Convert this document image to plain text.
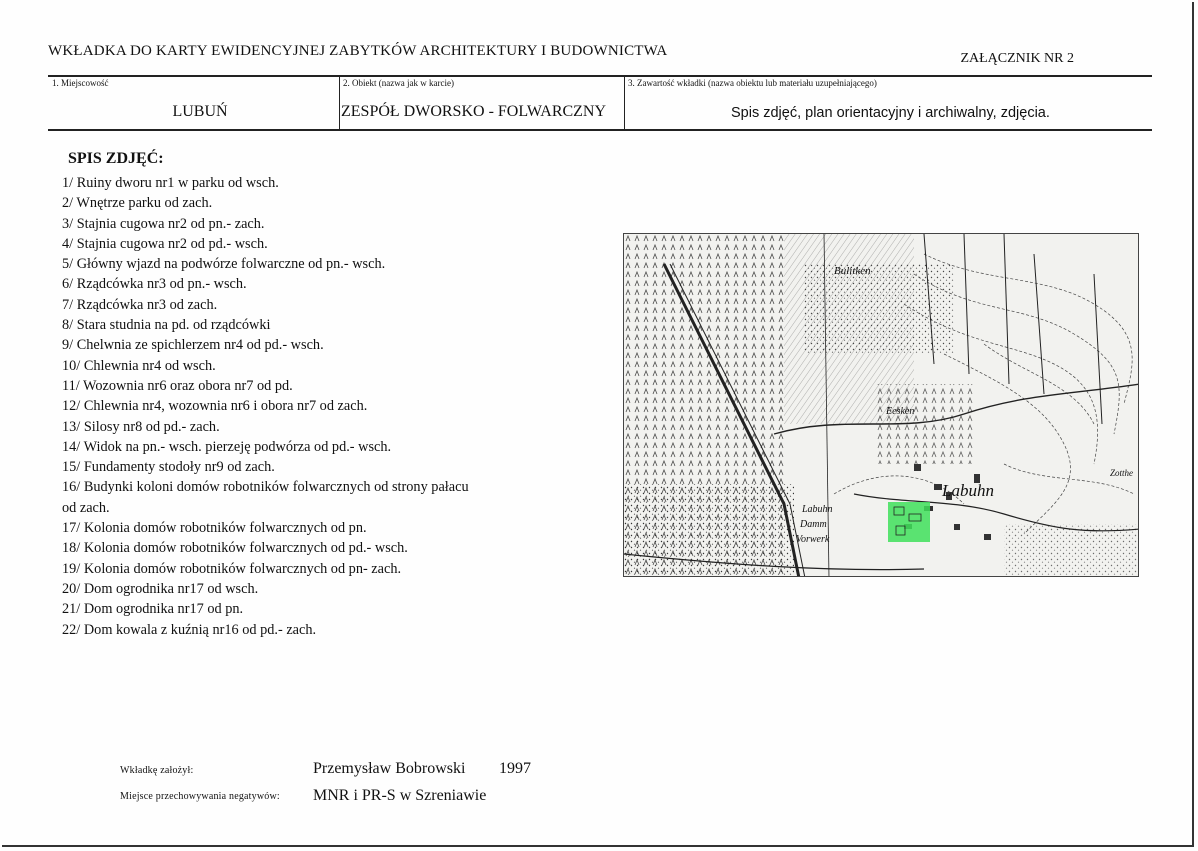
WKŁADKA DO KARTY EWIDENCYJNEJ ZABYTKÓW ARCHITEKTURY I BUDOWNICTWA	ZAŁĄCZNIK NR 2
1. Miejscowość
LUBUŃ
2. Obiekt (nazwa jak w karcie)
ZESPÓŁ DWORSKO - FOLWARCZNY
3. Zawartość wkładki (nazwa obiektu lub materiału uzupełniającego)
Spis zdjęć, plan orientacyjny i archiwalny, zdjęcia.
SPIS ZDJĘĆ:
1/ Ruiny dworu nr1 w parku od wsch.
2/ Wnętrze parku od zach.
3/ Stajnia cugowa nr2 od pn.- zach.
4/ Stajnia cugowa nr2 od pd.- wsch.
5/ Główny wjazd na podwórze folwarczne od pn.- wsch.
6/ Rządcówka nr3 od pn.- wsch.
7/ Rządcówka nr3 od zach.
8/ Stara studnia na pd. od rządcówki
9/ Chelwnia ze spichlerzem nr4 od pd.- wsch.
10/ Chlewnia nr4 od wsch.
11/ Wozownia nr6 oraz obora nr7 od pd.
12/ Chlewnia nr4, wozownia nr6 i obora nr7 od zach.
13/ Silosy nr8 od pd.- zach.
14/ Widok na pn.- wsch. pierzeję podwórza od pd.- wsch.
15/ Fundamenty stodoły nr9 od zach.
16/ Budynki koloni domów robotników folwarcznych od strony pałacu od zach.
17/ Kolonia domów robotników folwarcznych od pn.
18/ Kolonia domów robotników folwarcznych od pd.- wsch.
19/ Kolonia domów robotników folwarcznych od pn- zach.
20/ Dom ogrodnika nr17 od wsch.
21/ Dom ogrodnika nr17 od pn.
22/ Dom kowala z kuźnią nr16 od pd.- zach.
Bulitken
Labuhn
Eesken
Zotthe
Labuhn
Damm
Vorwerk
Wkładkę założył:	Przemysław Bobrowski 1997
Miejsce przechowywania negatywów: MNR i PR-S w Szreniawie
